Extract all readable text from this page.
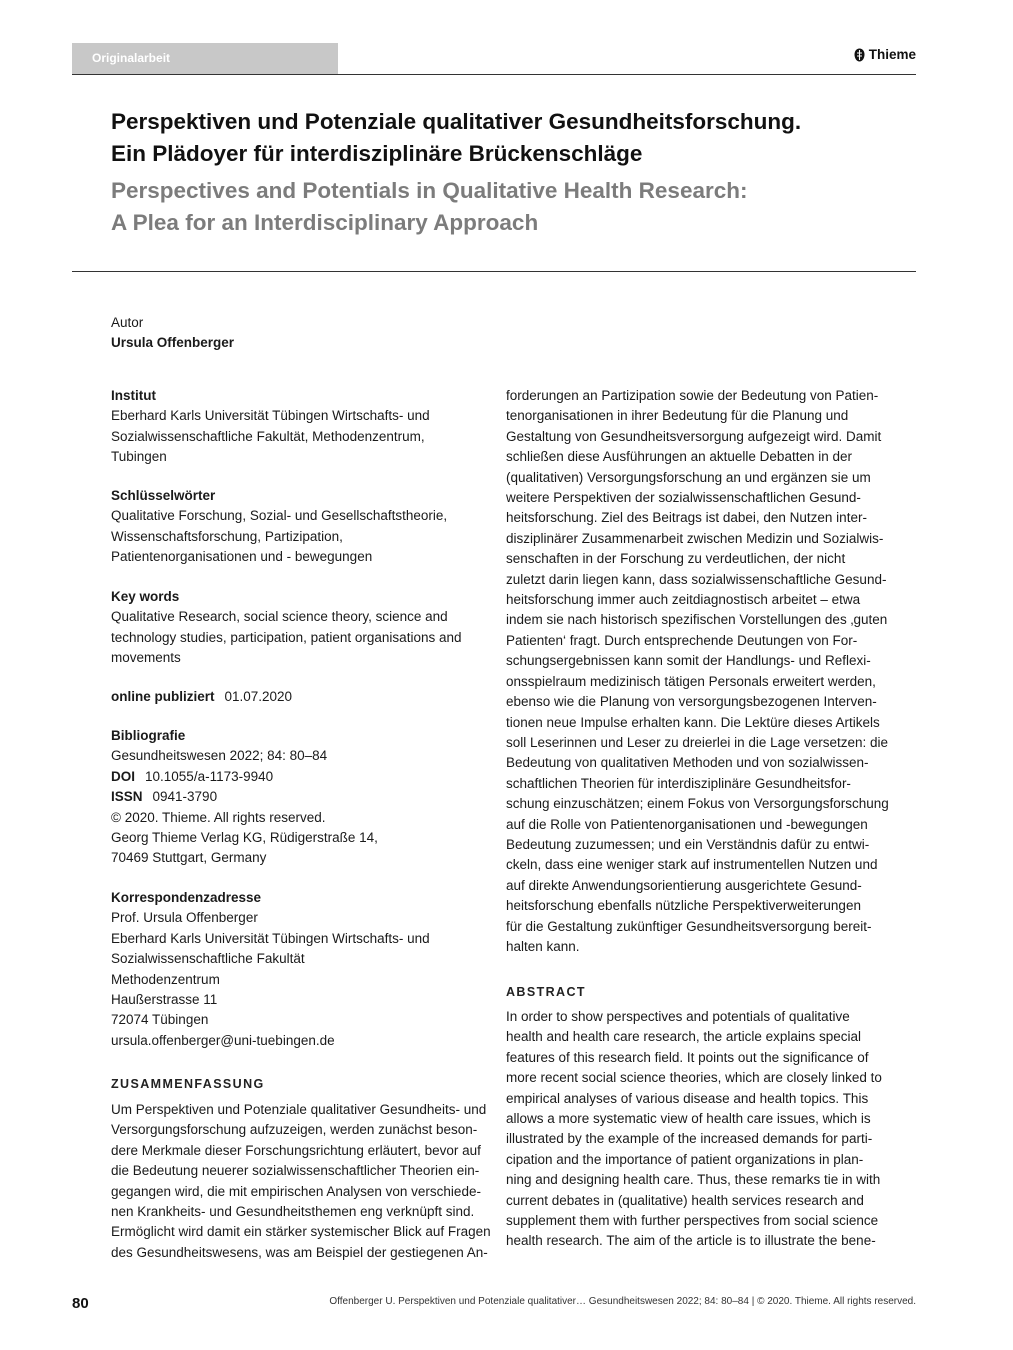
Originalarbeit	Thieme
Perspektiven und Potenziale qualitativer Gesundheitsforschung.
Ein Plädoyer für interdisziplinäre Brückenschläge
Perspectives and Potentials in Qualitative Health Research:
A Plea for an Interdisciplinary Approach
Autor
Ursula Offenberger
Institut
Eberhard Karls Universität Tübingen Wirtschafts- und
Sozialwissenschaftliche Fakultät, Methodenzentrum,
Tubingen
Schlüsselwörter
Qualitative Forschung, Sozial- und Gesellschaftstheorie,
Wissenschaftsforschung, Partizipation,
Patientenorganisationen und - bewegungen
Key words
Qualitative Research, social science theory, science and
technology studies, participation, patient organisations and
movements
online publiziert 01.07.2020
Bibliografie
Gesundheitswesen 2022; 84: 80–84
DOI 10.1055/a-1173-9940
ISSN 0941-3790
© 2020. Thieme. All rights reserved.
Georg Thieme Verlag KG, Rüdigerstraße 14,
70469 Stuttgart, Germany
Korrespondenzadresse
Prof. Ursula Offenberger
Eberhard Karls Universität Tübingen Wirtschafts- und
Sozialwissenschaftliche Fakultät
Methodenzentrum
Haußerstrasse 11
72074 Tübingen
ursula.offenberger@uni-tuebingen.de
ZUSAMMENFASSUNG
Um Perspektiven und Potenziale qualitativer Gesundheits- und
Versorgungsforschung aufzuzeigen, werden zunächst beson-
dere Merkmale dieser Forschungsrichtung erläutert, bevor auf
die Bedeutung neuerer sozialwissenschaftlicher Theorien ein-
gegangen wird, die mit empirischen Analysen von verschiede-
nen Krankheits- und Gesundheitsthemen eng verknüpft sind.
Ermöglicht wird damit ein stärker systemischer Blick auf Fragen
des Gesundheitswesens, was am Beispiel der gestiegenen An-
forderungen an Partizipation sowie der Bedeutung von Patien-
tenorganisationen in ihrer Bedeutung für die Planung und
Gestaltung von Gesundheitsversorgung aufgezeigt wird. Damit
schließen diese Ausführungen an aktuelle Debatten in der
(qualitativen) Versorgungsforschung an und ergänzen sie um
weitere Perspektiven der sozialwissenschaftlichen Gesund-
heitsforschung. Ziel des Beitrags ist dabei, den Nutzen inter-
disziplinärer Zusammenarbeit zwischen Medizin und Sozialwis-
senschaften in der Forschung zu verdeutlichen, der nicht
zuletzt darin liegen kann, dass sozialwissenschaftliche Gesund-
heitsforschung immer auch zeitdiagnostisch arbeitet – etwa
indem sie nach historisch spezifischen Vorstellungen des ‚guten
Patienten‘ fragt. Durch entsprechende Deutungen von For-
schungsergebnissen kann somit der Handlungs- und Reflexi-
onsspielraum medizinisch tätigen Personals erweitert werden,
ebenso wie die Planung von versorgungsbezogenen Interven-
tionen neue Impulse erhalten kann. Die Lektüre dieses Artikels
soll Leserinnen und Leser zu dreierlei in die Lage versetzen: die
Bedeutung von qualitativen Methoden und von sozialwissen-
schaftlichen Theorien für interdisziplinäre Gesundheitsfor-
schung einzuschätzen; einem Fokus von Versorgungsforschung
auf die Rolle von Patientenorganisationen und -bewegungen
Bedeutung zuzumessen; und ein Verständnis dafür zu entwi-
ckeln, dass eine weniger stark auf instrumentellen Nutzen und
auf direkte Anwendungsorientierung ausgerichtete Gesund-
heitsforschung ebenfalls nützliche Perspektiverweiterungen
für die Gestaltung zukünftiger Gesundheitsversorgung bereit-
halten kann.
ABSTRACT
In order to show perspectives and potentials of qualitative
health and health care research, the article explains special
features of this research field. It points out the significance of
more recent social science theories, which are closely linked to
empirical analyses of various disease and health topics. This
allows a more systematic view of health care issues, which is
illustrated by the example of the increased demands for parti-
cipation and the importance of patient organizations in plan-
ning and designing health care. Thus, these remarks tie in with
current debates in (qualitative) health services research and
supplement them with further perspectives from social science
health research. The aim of the article is to illustrate the bene-
80	Offenberger U. Perspektiven und Potenziale qualitativer… Gesundheitswesen 2022; 84: 80–84 | © 2020. Thieme. All rights reserved.
